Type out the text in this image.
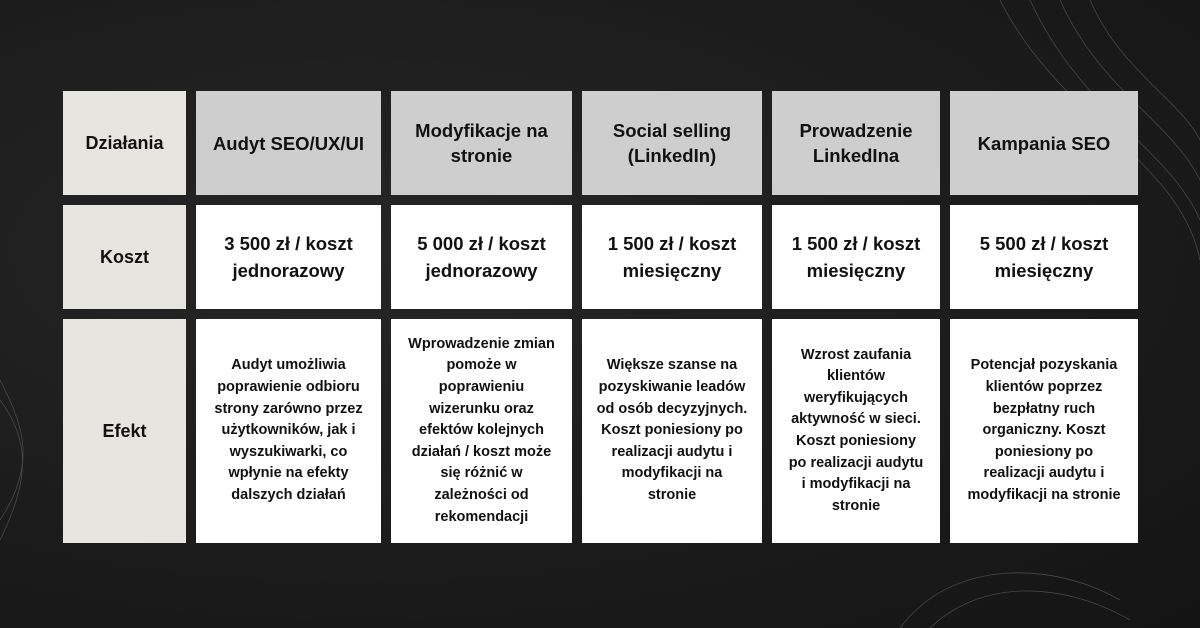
Działania	Audyt SEO/UX/UI
Modyfikacje na stronie
Social selling (LinkedIn)
Prowadzenie LinkedIna
Kampania SEO
Koszt
3 500 zł / koszt jednorazowy
5 000 zł / koszt jednorazowy
1 500 zł / koszt miesięczny
1 500 zł / koszt miesięczny
5 500 zł / koszt miesięczny
Efekt
Audyt umożliwia poprawienie odbioru strony zarówno przez użytkowników, jak i wyszukiwarki, co wpłynie na efekty dalszych działań
Wprowadzenie zmian pomoże w poprawieniu wizerunku oraz efektów kolejnych działań / koszt może się różnić w zależności od rekomendacji
Większe szanse na pozyskiwanie leadów od osób decyzyjnych. Koszt poniesiony po realizacji audytu i modyfikacji na stronie
Wzrost zaufania klientów weryfikujących aktywność w sieci. Koszt poniesiony po realizacji audytu i modyfikacji na stronie
Potencjał pozyskania klientów poprzez bezpłatny ruch organiczny. Koszt poniesiony po realizacji audytu i modyfikacji na stronie
